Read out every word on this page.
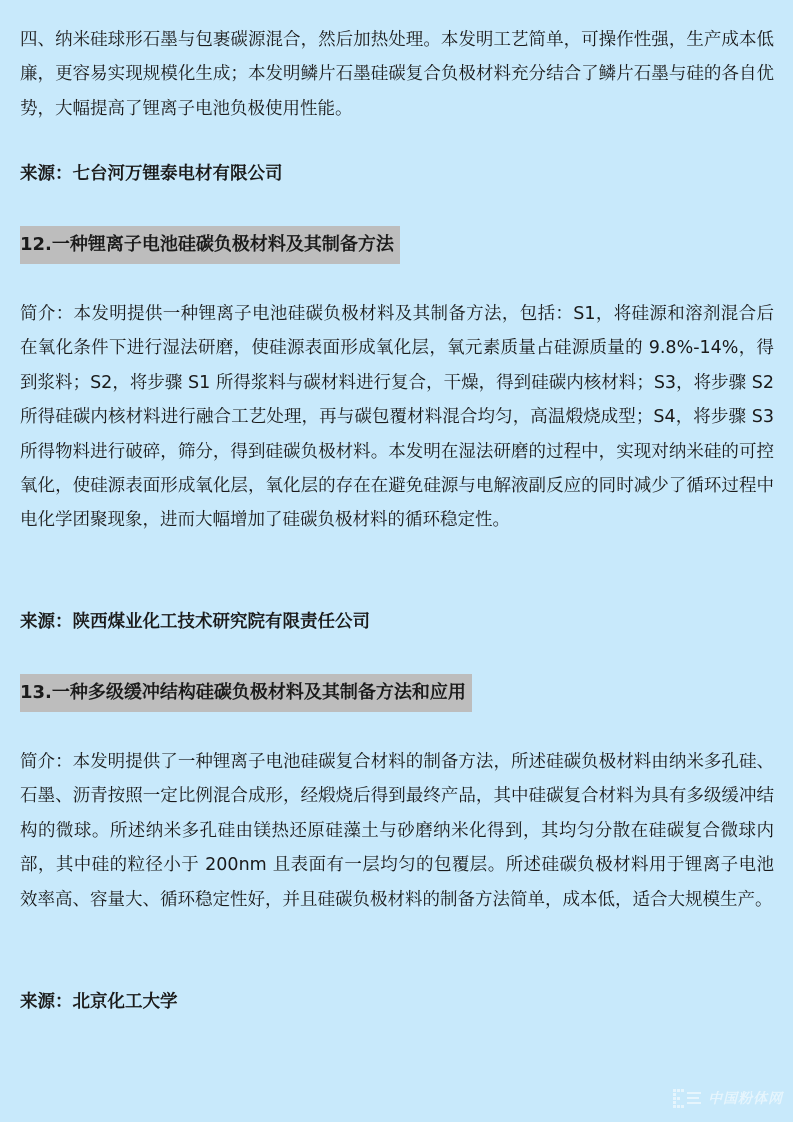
四、纳米硅球形石墨与包裹碳源混合，然后加热处理。本发明工艺简单，可操作性强，生产成本低廉，更容易实现规模化生成；本发明鳞片石墨硅碳复合负极材料充分结合了鳞片石墨与硅的各自优势，大幅提高了锂离子电池负极使用性能。

来源：七台河万锂泰电材有限公司

12.一种锂离子电池硅碳负极材料及其制备方法

简介：本发明提供一种锂离子电池硅碳负极材料及其制备方法，包括：S1，将硅源和溶剂混合后在氧化条件下进行湿法研磨，使硅源表面形成氧化层，氧元素质量占硅源质量的 9.8%-14%，得到浆料；S2，将步骤 S1 所得浆料与碳材料进行复合，干燥，得到硅碳内核材料；S3，将步骤 S2 所得硅碳内核材料进行融合工艺处理，再与碳包覆材料混合均匀，高温煅烧成型；S4，将步骤 S3 所得物料进行破碎，筛分，得到硅碳负极材料。本发明在湿法研磨的过程中，实现对纳米硅的可控氧化，使硅源表面形成氧化层，氧化层的存在在避免硅源与电解液副反应的同时减少了循环过程中电化学团聚现象，进而大幅增加了硅碳负极材料的循环稳定性。

来源：陕西煤业化工技术研究院有限责任公司

13.一种多级缓冲结构硅碳负极材料及其制备方法和应用

简介：本发明提供了一种锂离子电池硅碳复合材料的制备方法，所述硅碳负极材料由纳米多孔硅、石墨、沥青按照一定比例混合成形，经煅烧后得到最终产品，其中硅碳复合材料为具有多级缓冲结构的微球。所述纳米多孔硅由镁热还原硅藻土与砂磨纳米化得到，其均匀分散在硅碳复合微球内部，其中硅的粒径小于 200nm 且表面有一层均匀的包覆层。所述硅碳负极材料用于锂离子电池效率高、容量大、循环稳定性好，并且硅碳负极材料的制备方法简单，成本低，适合大规模生产。

来源：北京化工大学

中国粉体网
